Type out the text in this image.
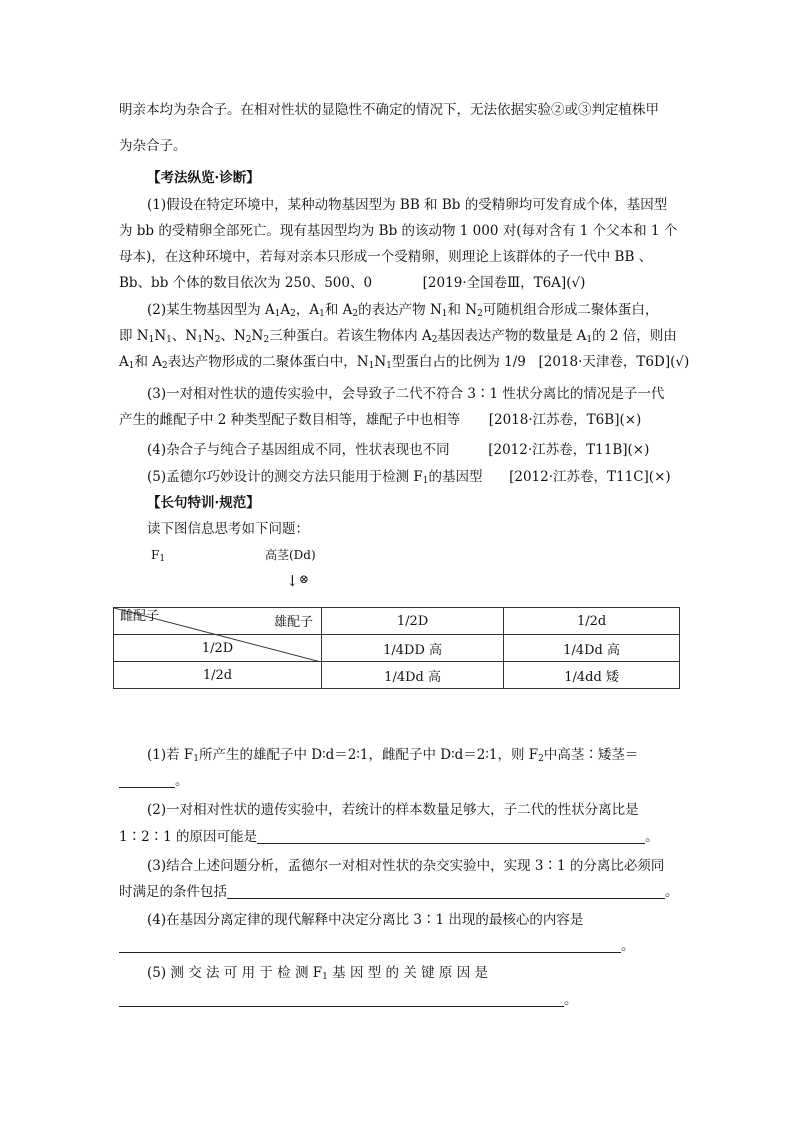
明亲本均为杂合子。在相对性状的显隐性不确定的情况下，无法依据实验②或③判定植株甲
为杂合子。
【考法纵览·诊断】
(1)假设在特定环境中，某种动物基因型为 BB 和 Bb 的受精卵均可发育成个体，基因型
为 bb 的受精卵全部死亡。现有基因型均为 Bb 的该动物 1 000 对(每对含有 1 个父本和 1 个
母本)，在这种环境中，若每对亲本只形成一个受精卵，则理论上该群体的子一代中 BB 、
Bb、bb 个体的数目依次为 250、500、0	[2019·全国卷Ⅲ，T6A](√)
(2)某生物基因型为 $A_1A_2$，$A_1$和 $A_2$的表达产物 $N_1$和 $N_2$可随机组合形成二聚体蛋白，
即 $N_1N_1$、$N_1N_2$、$N_2N_2$三种蛋白。若该生物体内 $A_2$基因表达产物的数量是 $A_1$的 2 倍，则由
$A_1$和 $A_2$表达产物形成的二聚体蛋白中，$N_1N_1$型蛋白占的比例为 1/9 [2018·天津卷，T6D](√)
(3)一对相对性状的遗传实验中，会导致子二代不符合 3∶1 性状分离比的情况是子一代
产生的雌配子中 2 种类型配子数目相等，雄配子中也相等 [2018·江苏卷，T6B](×)
(4)杂合子与纯合子基因组成不同，性状表现也不同	[2012·江苏卷，T11B](×)
(5)孟德尔巧妙设计的测交方法只能用于检测 $F_1$的基因型 [2012·江苏卷，T11C](×)
【长句特训·规范】
读下图信息思考如下问题：
$F_1$	高茎(Dd)
↓ ⊗
雄配子
雌配子	1/2D	1/2d
1/2D	1/4DD 高	1/4Dd 高
1/2d	1/4Dd 高	1/4dd 矮
(1)若 $F_1$所产生的雄配子中 D∶d＝2∶1，雌配子中 D∶d＝2∶1，则 $F_2$中高茎∶矮茎＝
。
(2)一对相对性状的遗传实验中，若统计的样本数量足够大，子二代的性状分离比是
1∶2∶1 的原因可能是	。
(3)结合上述问题分析，孟德尔一对相对性状的杂交实验中，实现 3∶1 的分离比必须同
时满足的条件包括	。
(4)在基因分离定律的现代解释中决定分离比 3∶1 出现的最核心的内容是
。
(5) 测 交 法 可 用 于 检 测 $F_1$ 基 因 型 的 关 键 原 因 是
。
